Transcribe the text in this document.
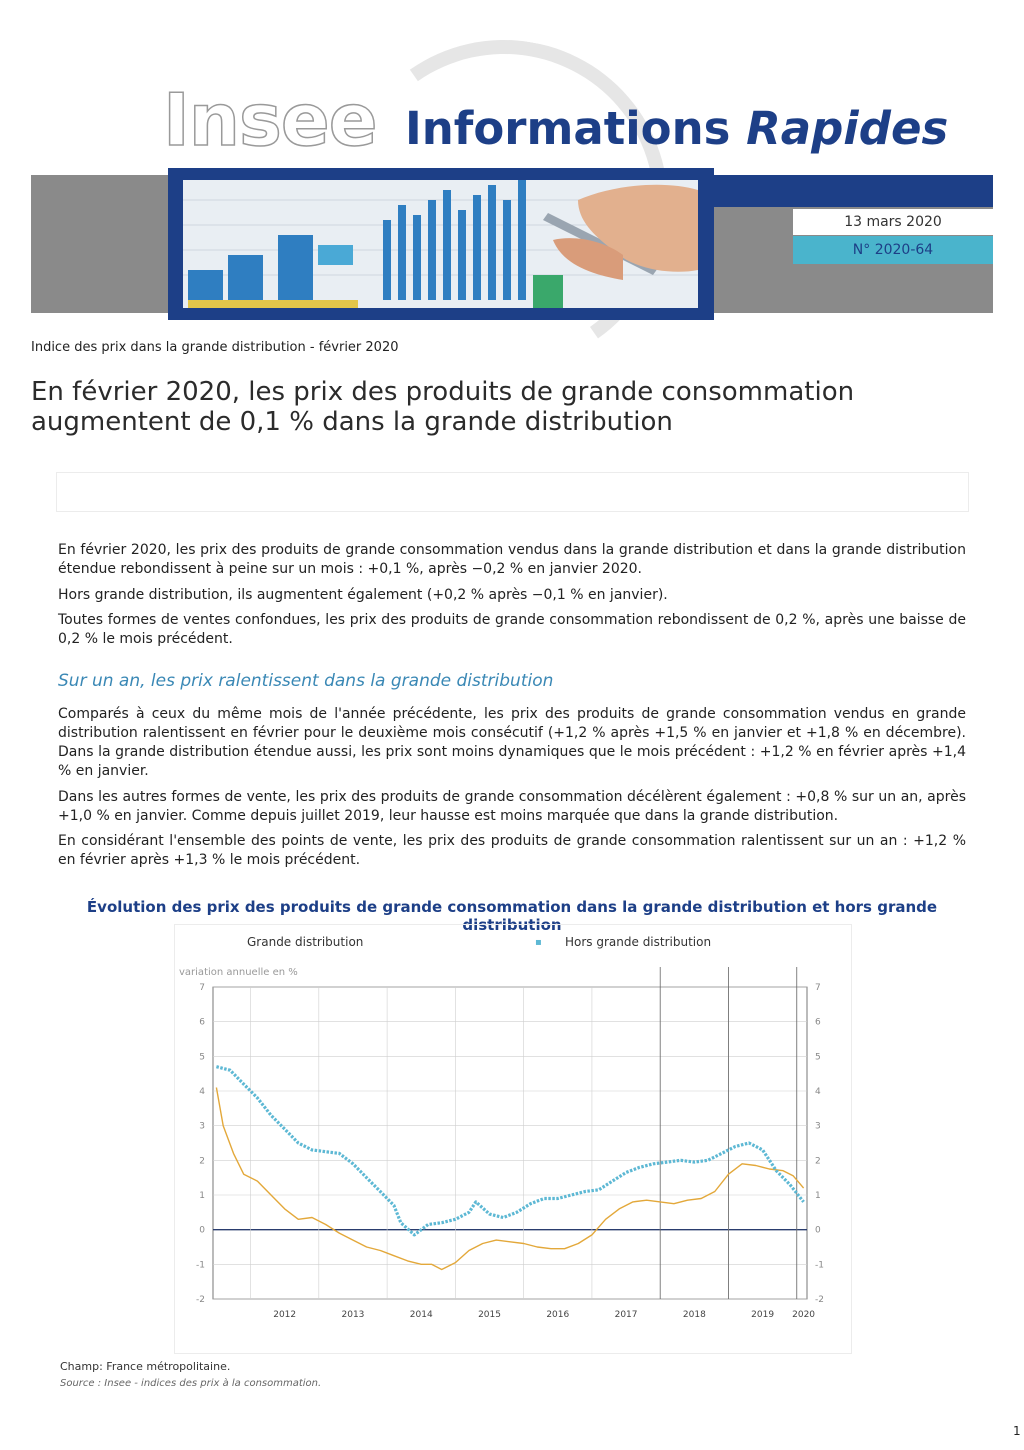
Insee Informations Rapides
13 mars 2020
N° 2020-64
Indice des prix dans la grande distribution - février 2020
En février 2020, les prix des produits de grande consommation
augmentent de 0,1 % dans la grande distribution

En février 2020, les prix des produits de grande consommation vendus dans la grande distribution et dans la grande distribution étendue rebondissent à peine sur un mois : +0,1 %, après −0,2 % en janvier 2020.

Hors grande distribution, ils augmentent également (+0,2 % après −0,1 % en janvier).

Toutes formes de ventes confondues, les prix des produits de grande consommation rebondissent de 0,2 %, après une baisse de 0,2 % le mois précédent.

Sur un an, les prix ralentissent dans la grande distribution

Comparés à ceux du même mois de l'année précédente, les prix des produits de grande consommation vendus en grande distribution ralentissent en février pour le deuxième mois consécutif (+1,2 % après +1,5 % en janvier et +1,8 % en décembre). Dans la grande distribution étendue aussi, les prix sont moins dynamiques que le mois précédent : +1,2 % en février après +1,4 % en janvier.

Dans les autres formes de vente, les prix des produits de grande consommation décélèrent également : +0,8 % sur un an, après +1,0 % en janvier. Comme depuis juillet 2019, leur hausse est moins marquée que dans la grande distribution.

En considérant l'ensemble des points de vente, les prix des produits de grande consommation ralentissent sur un an : +1,2 % en février après +1,3 % le mois précédent.

Évolution des prix des produits de grande consommation dans la grande distribution et hors grande distribution
Grande distribution	▪ Hors grande distribution
variation annuelle en %
-2	-2
-1	-1
0	0
1	1
2	2
3	3
4	4
5	5
6	6
7	7
2012	2013	2014	2015	2016	2017	2018	2019 2020
Champ: France métropolitaine.
Source : Insee - indices des prix à la consommation.
1
